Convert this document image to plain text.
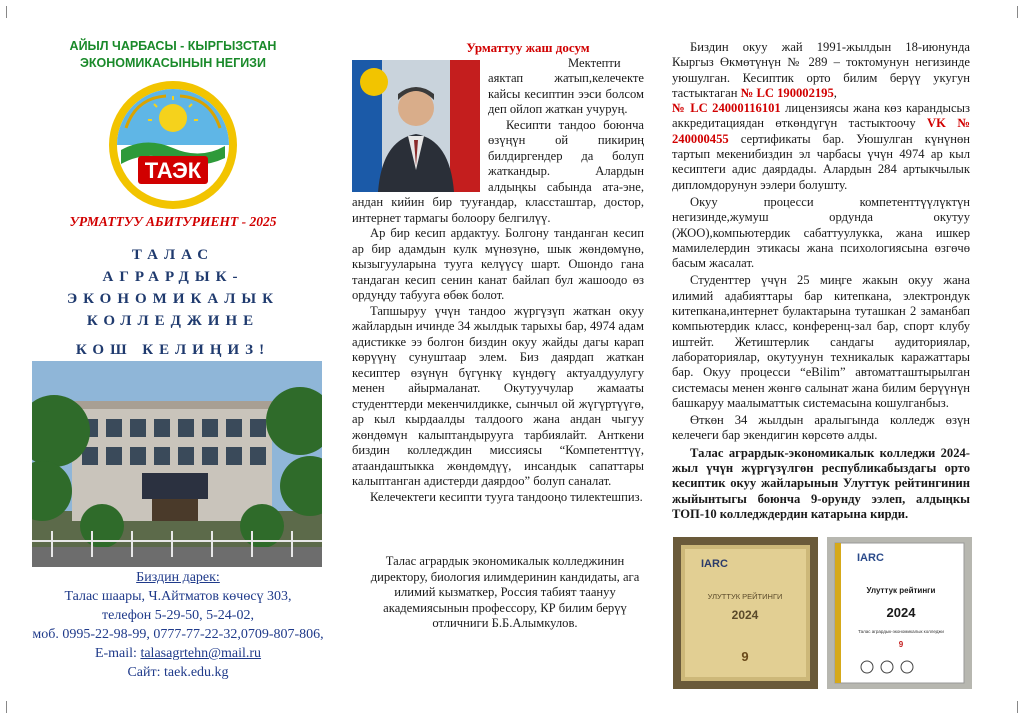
АЙЫЛ ЧАРБАСЫ - КЫРГЫЗСТАН
ЭКОНОМИКАСЫНЫН НЕГИЗИ
ТАЭК
УРМАТТУУ АБИТУРИЕНТ - 2025
ТАЛАС
АГРАРДЫК-
ЭКОНОМИКАЛЫК
КОЛЛЕДЖИНЕ
КОШ КЕЛИҢИЗ!
Биздин дарек:
Талас шаары, Ч.Айтматов көчөсү 303,
телефон 5-29-50, 5-24-02,
моб. 0995-22-98-99, 0777-77-22-32,0709-807-806,
E-mail: talasagrtehn@mail.ru
Сайт: taek.edu.kg
Урматтуу жаш досум

Мектепти аяктап жатып,келечекте кайсы кесиптин ээси болсом деп ойлоп жаткан учуруң.

Кесипти тандоо боюнча өзүңүн ой пикириң билдиргендер да болуп жаткандыр. Алардын алдыңкы сабында ата-эне, андан кийин бир тууғандар, классташтар, достор, интернет тармагы болоору белгилүү.

Ар бир кесип ардактуу. Болгону танданган кесип ар бир адамдын кулк мүнөзүнө, шык жөндөмүнө, кызыгууларына тууга келүүсү шарт. Ошондо гана тандаган кесип сенин канат байлап бул жашоодо өз ордуңду табууга өбөк болот.

Тапшыруу үчүн тандоо жүргүзүп жаткан окуу жайлардын ичинде 34 жылдык тарыхы бар, 4974 адам адистикке ээ болгон биздин окуу жайды дагы карап көрүүнү сунуштаар элем. Биз даярдап жаткан кесиптер өзүнүн бүгүнкү күндөгү актуалдуулугу менен айырмаланат. Окутуучулар жамааты студенттерди мекенчилдикке, сынчыл ой жүгүртүүгө, ар кыл кырдаалды талдоого жана андан чыгуу жөндөмүн калыптандырууга тарбиялайт. Анткени биздин колледждин миссиясы “Компетенттүү, атаандаштыкка жөндөмдүү, инсандык сапаттары калыптанган адистерди даярдоо” болуп саналат.

Келечектеги кесипти тууга тандооңо тилектешпиз.

Талас агрардык экономикалык колледжинин директору, биология илимдеринин кандидаты, ага илимий кызматкер, Россия табият таануу академиясынын профессору, КР билим берүү отличниги Б.Б.Алымкулов.

Биздин окуу жай 1991-жылдын 18-июнунда Кыргыз Өкмөтүнүн № 289 – токтомунун негизинде уюшулган. Кесиптик орто билим берүү укугун тастыктаган № LC 190002195,
№ LC 24000116101 лицензиясы жана көз карандысыз аккредитациядан өткөндүгүн тастыктоочу VK № 240000455 сертификаты бар. Уюшулган күнүнөн тартып мекенибиздин эл чарбасы үчүн 4974 ар кыл кесиптеги адис даярдады. Алардын 284 артыкчылык дипломдорунун ээлери болушту.

Окуу процесси компетенттүүлүктүн негизинде,жумуш ордунда окутуу (ЖОО),компьютердик сабаттуулукка, жана ишкер мамилелердин этикасы жана психологиясына өзгөчө басым жасалат.

Студенттер үчүн 25 миңге жакын окуу жана илимий адабияттары бар китепкана, электрондук китепкана,интернет булактарына туташкан 2 заманбап компьютердик класс, конференц-зал бар, спорт клубу иштейт. Жетиштерлик сандагы аудиториялар, лабораториялар, окутуунун техникалык каражаттары бар. Окуу процесси “eBilim” автоматташтырылган системасы менен жөнгө салынат жана билим берүүнүн башкаруу маалыматтык системасына кошулганбыз.

Өткөн 34 жылдын аралыгында колледж өзүн келечеги бар экендигин көрсөтө алды.

Талас агрардык-экономикалык колледжи 2024-жыл үчүн жүргүзүлгөн республикабыздагы орто кесиптик окуу жайларынын Улуттук рейтингинин жыйынтыгы боюнча 9-орунду ээлеп, алдыңкы ТОП-10 колледждердин катарына кирди.

IARC
УЛУТТУК РЕЙТИНГИ
2024
9
IARC
Улуттук рейтинги
2024
Талас агрардык-экономикалык колледжи
9
